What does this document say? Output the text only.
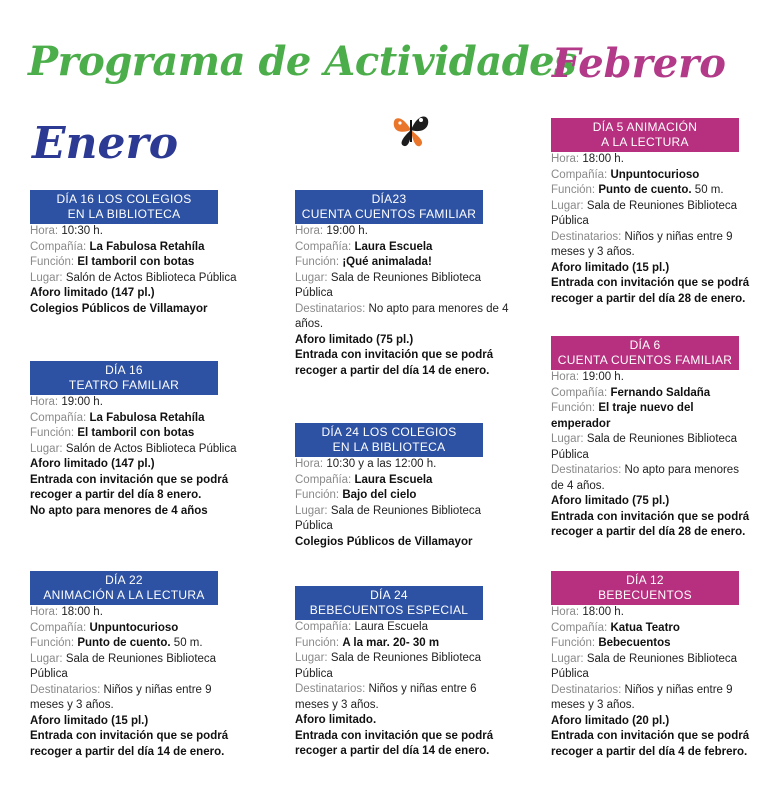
Programa de Actividades
Febrero
Enero
DÍA 16 LOS COLEGIOS
EN LA BIBLIOTECA

Hora: 10:30 h.

Compañía: La Fabulosa Retahíla

Función: El tamboril con botas

Lugar: Salón de Actos Biblioteca Pública

Aforo limitado (147 pl.)

Colegios Públicos de Villamayor

DÍA 16
TEATRO FAMILIAR

Hora: 19:00 h.

Compañía: La Fabulosa Retahíla

Función: El tamboril con botas

Lugar: Salón de Actos Biblioteca Pública

Aforo limitado (147 pl.)

Entrada con invitación que se podrá

recoger a partir del día 8 enero.

No apto para menores de 4 años

DÍA 22
ANIMACIÓN A LA LECTURA

Hora: 18:00 h.

Compañía: Unpuntocurioso

Función: Punto de cuento. 50 m.

Lugar: Sala de Reuniones Biblioteca

Pública

Destinatarios: Niños y niñas entre 9

meses y 3 años.

Aforo limitado (15 pl.)

Entrada con invitación que se podrá

recoger a partir del día 14 de enero.

DÍA23
CUENTA CUENTOS FAMILIAR

Hora: 19:00 h.

Compañía: Laura Escuela

Función: ¡Qué animalada!

Lugar: Sala de Reuniones Biblioteca

Pública

Destinatarios: No apto para menores de 4

años.

Aforo limitado (75 pl.)

Entrada con invitación que se podrá

recoger a partir del día 14 de enero.

DÍA 24 LOS COLEGIOS
EN LA BIBLIOTECA

Hora: 10:30 y a las 12:00 h.

Compañía: Laura Escuela

Función: Bajo del cielo

Lugar: Sala de Reuniones Biblioteca

Pública

Colegios Públicos de Villamayor

DÍA 24
BEBECUENTOS ESPECIAL

Compañía: Laura Escuela

Función: A la mar. 20- 30 m

Lugar: Sala de Reuniones Biblioteca

Pública

Destinatarios: Niños y niñas entre 6

meses y 3 años.

Aforo limitado.

Entrada con invitación que se podrá

recoger a partir del día 14 de enero.

DÍA 5 ANIMACIÓN
A LA LECTURA

Hora: 18:00 h.

Compañía: Unpuntocurioso

Función: Punto de cuento. 50 m.

Lugar: Sala de Reuniones Biblioteca

Pública

Destinatarios: Niños y niñas entre 9

meses y 3 años.

Aforo limitado (15 pl.)

Entrada con invitación que se podrá

recoger a partir del día 28 de enero.

DÍA 6
CUENTA CUENTOS FAMILIAR

Hora: 19:00 h.

Compañía: Fernando Saldaña

Función: El traje nuevo del

emperador

Lugar: Sala de Reuniones Biblioteca

Pública

Destinatarios: No apto para menores

de 4 años.

Aforo limitado (75 pl.)

Entrada con invitación que se podrá

recoger a partir del día 28 de enero.

DÍA 12
BEBECUENTOS

Hora: 18:00 h.

Compañía: Katua Teatro

Función: Bebecuentos

Lugar: Sala de Reuniones Biblioteca

Pública

Destinatarios: Niños y niñas entre 9

meses y 3 años.

Aforo limitado (20 pl.)

Entrada con invitación que se podrá

recoger a partir del día 4 de febrero.
